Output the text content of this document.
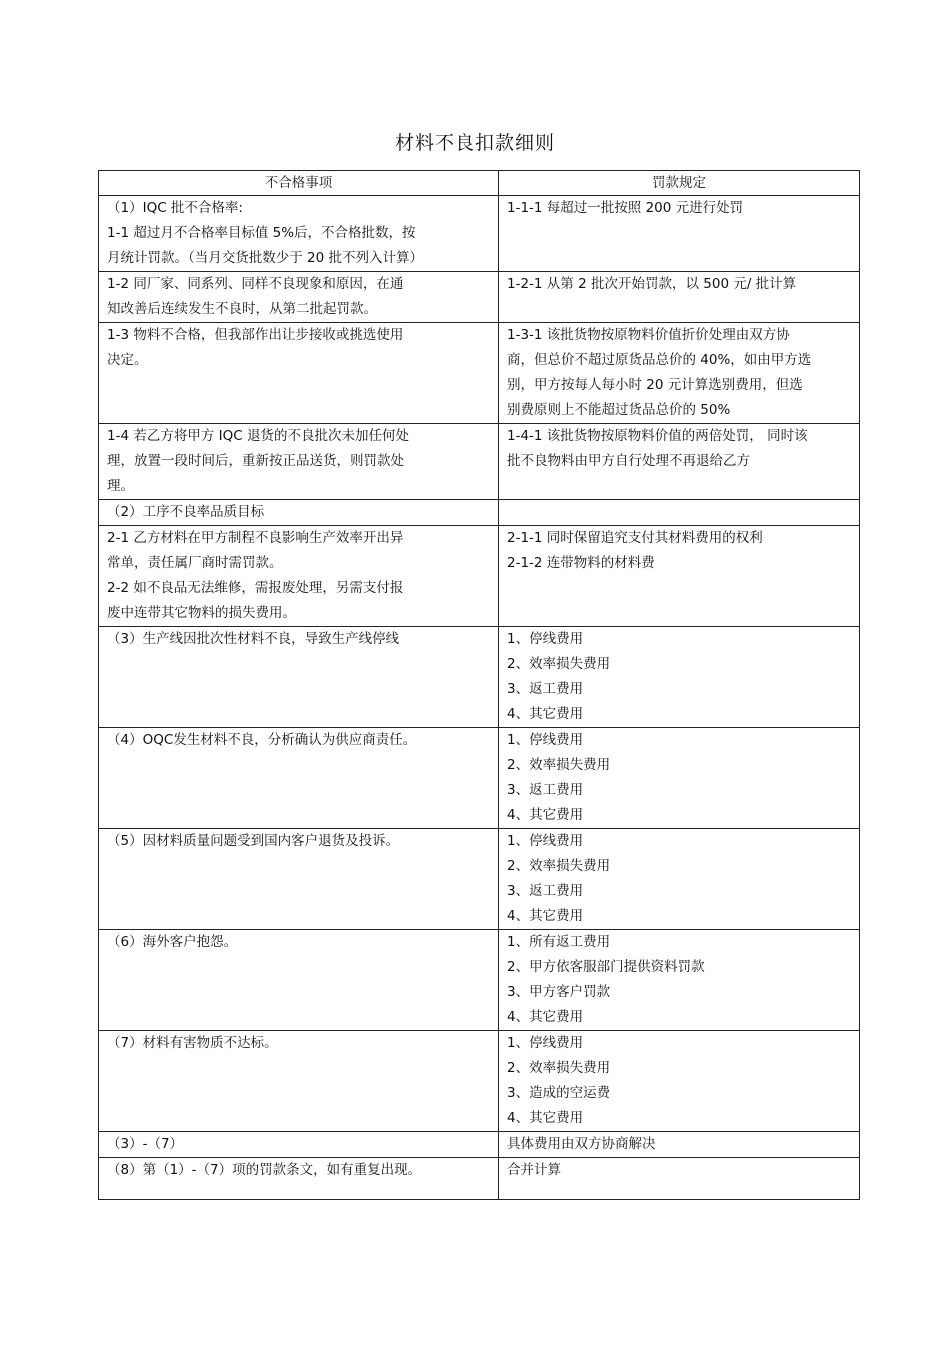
材料不良扣款细则
不合格事项	罚款规定

（1）IQC 批不合格率:
1-1 超过月不合格率目标值 5%后，不合格批数，按
月统计罚款。（当月交货批数少于 20 批不列入计算）	1-1-1 每超过一批按照 200 元进行处罚

1-2 同厂家、同系列、同样不良现象和原因，在通
知改善后连续发生不良时，从第二批起罚款。	1-2-1 从第 2 批次开始罚款，以 500 元/ 批计算

1-3 物料不合格，但我部作出让步接收或挑选使用
决定。	1-3-1 该批货物按原物料价值折价处理由双方协
商，但总价不超过原货品总价的 40%，如由甲方选
别，甲方按每人每小时 20 元计算选别费用，但选
别费原则上不能超过货品总价的 50%

1-4 若乙方将甲方 IQC 退货的不良批次未加任何处
理，放置一段时间后，重新按正品送货，则罚款处
理。	1-4-1 该批货物按原物料价值的两倍处罚， 同时该
批不良物料由甲方自行处理不再退给乙方

（2）工序不良率品质目标	

2-1 乙方材料在甲方制程不良影响生产效率开出异
常单，责任属厂商时需罚款。
2-2 如不良品无法维修，需报废处理，另需支付报
废中连带其它物料的损失费用。	2-1-1 同时保留追究支付其材料费用的权利
2-1-2 连带物料的材料费

（3）生产线因批次性材料不良，导致生产线停线	1、停线费用
2、效率损失费用
3、返工费用
4、其它费用

（4）OQC发生材料不良，分析确认为供应商责任。	1、停线费用
2、效率损失费用
3、返工费用
4、其它费用

（5）因材料质量问题受到国内客户退货及投诉。	1、停线费用
2、效率损失费用
3、返工费用
4、其它费用

（6）海外客户抱怨。	1、所有返工费用
2、甲方依客服部门提供资料罚款
3、甲方客户罚款
4、其它费用

（7）材料有害物质不达标。	1、停线费用
2、效率损失费用
3、造成的空运费
4、其它费用

（3）-（7）	具体费用由双方协商解决

（8）第（1）-（7）项的罚款条文，如有重复出现。	合并计算
